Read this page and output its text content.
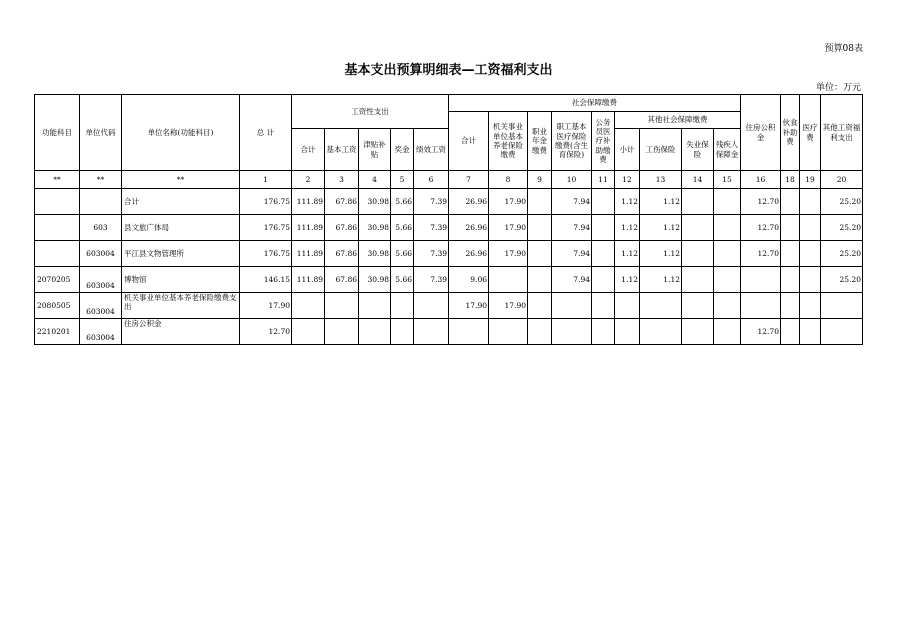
预算08表
基本支出预算明细表—工资福利支出
单位：万元
功能科目	单位代码	单位名称(功能科目)	总 计	工资性支出					社会保障缴费									住房公积金	伙食补助费	医疗费	其他工资福利支出
									合计	机关事业单位基本养老保险缴费	职业年金缴费	职工基本医疗保险缴费(含生育保险)	公务员医疗补助缴费	其他社会保障缴费							
				合计	基本工资	津贴补贴	奖金	绩效工资						小计	工伤保险	失业保险	残疾人保障金				
**	**	**	1	2	3	4	5	6	7	8	9	10	11	12	13	14	15	16	18	19	20
		合计	176.75	111.89	67.86	30.98	5.66	7.39	26.96	17.90		7.94		1.12	1.12			12.70			25.20
	603	县文旅广体局	176.75	111.89	67.86	30.98	5.66	7.39	26.96	17.90		7.94		1.12	1.12			12.70			25.20
	603004	平江县文物管理所	176.75	111.89	67.86	30.98	5.66	7.39	26.96	17.90		7.94		1.12	1.12			12.70			25.20
2070205	603004	博物馆	146.15	111.89	67.86	30.98	5.66	7.39	9.06			7.94		1.12	1.12						25.20
2080505	603004	机关事业单位基本养老保险缴费支出	17.90						17.90	17.90											
2210201	603004	住房公积金	12.70															12.70			
